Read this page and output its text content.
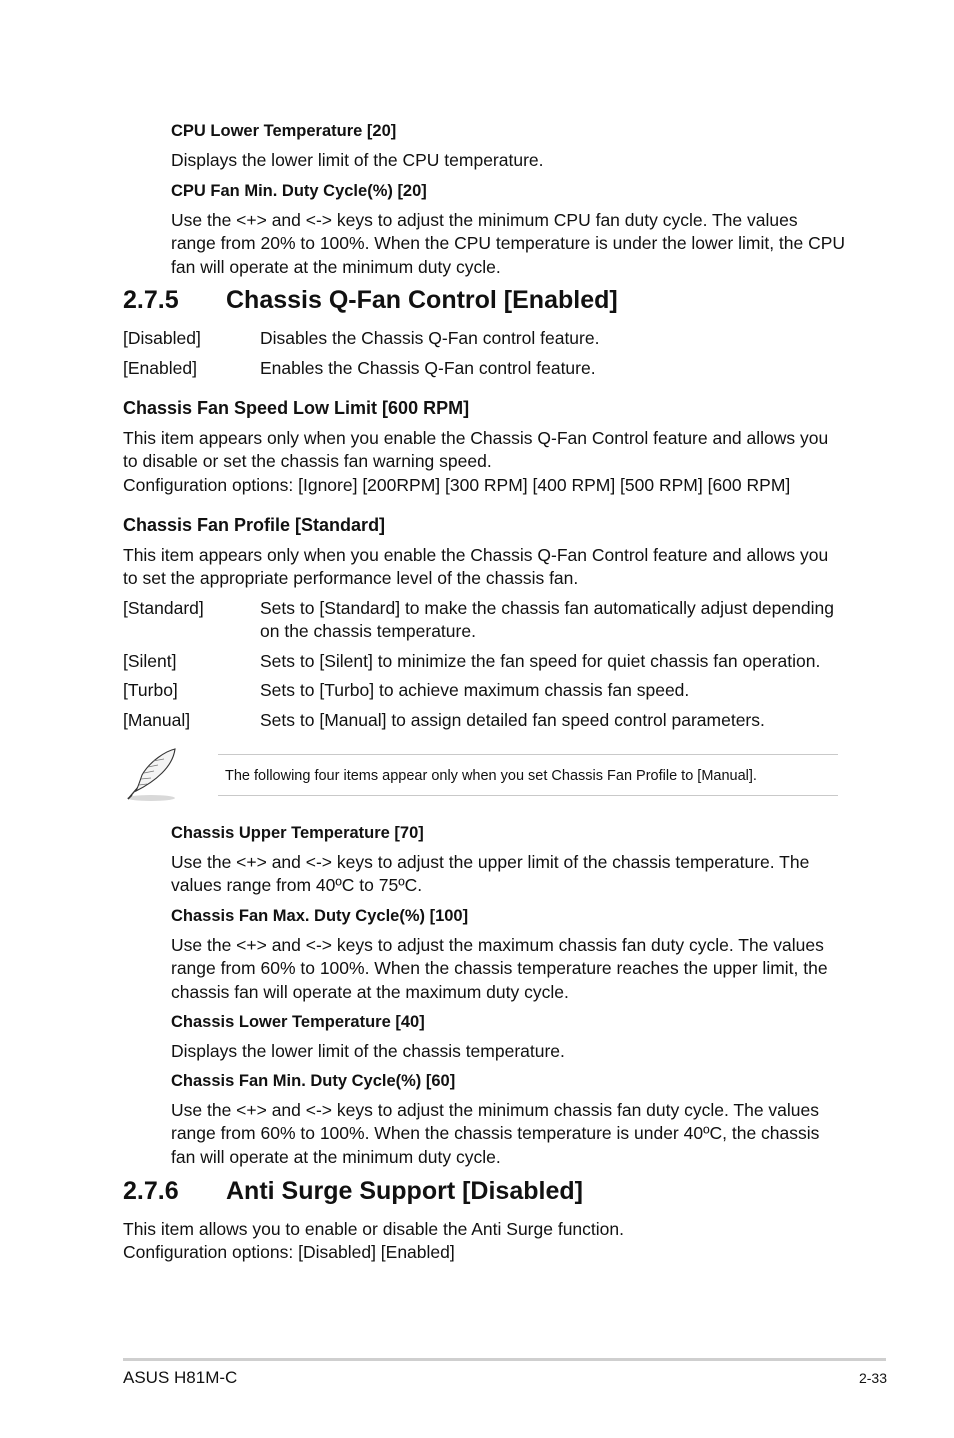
CPU Lower Temperature [20]
Displays the lower limit of the CPU temperature.
CPU Fan Min. Duty Cycle(%) [20]
Use the <+> and <-> keys to adjust the minimum CPU fan duty cycle. The values
range from 20% to 100%. When the CPU temperature is under the lower limit, the CPU
fan will operate at the minimum duty cycle.
2.7.5 Chassis Q-Fan Control [Enabled]
[Disabled]	Disables the Chassis Q-Fan control feature.
[Enabled]	Enables the Chassis Q-Fan control feature.
Chassis Fan Speed Low Limit [600 RPM]
This item appears only when you enable the Chassis Q-Fan Control feature and allows you
to disable or set the chassis fan warning speed.
Configuration options: [Ignore] [200RPM] [300 RPM] [400 RPM] [500 RPM] [600 RPM]
Chassis Fan Profile [Standard]
This item appears only when you enable the Chassis Q-Fan Control feature and allows you
to set the appropriate performance level of the chassis fan.
[Standard]	Sets to [Standard] to make the chassis fan automatically adjust depending
on the chassis temperature.
[Silent]	Sets to [Silent] to minimize the fan speed for quiet chassis fan operation.
[Turbo]	Sets to [Turbo] to achieve maximum chassis fan speed.
[Manual]	Sets to [Manual] to assign detailed fan speed control parameters.
The following four items appear only when you set Chassis Fan Profile to [Manual].
Chassis Upper Temperature [70]
Use the <+> and <-> keys to adjust the upper limit of the chassis temperature. The
values range from 40ºC to 75ºC.
Chassis Fan Max. Duty Cycle(%) [100]
Use the <+> and <-> keys to adjust the maximum chassis fan duty cycle. The values
range from 60% to 100%. When the chassis temperature reaches the upper limit, the
chassis fan will operate at the maximum duty cycle.
Chassis Lower Temperature [40]
Displays the lower limit of the chassis temperature.
Chassis Fan Min. Duty Cycle(%) [60]
Use the <+> and <-> keys to adjust the minimum chassis fan duty cycle. The values
range from 60% to 100%. When the chassis temperature is under 40ºC, the chassis
fan will operate at the minimum duty cycle.
2.7.6 Anti Surge Support [Disabled]
This item allows you to enable or disable the Anti Surge function.
Configuration options: [Disabled] [Enabled]
ASUS H81M-C	2-33
